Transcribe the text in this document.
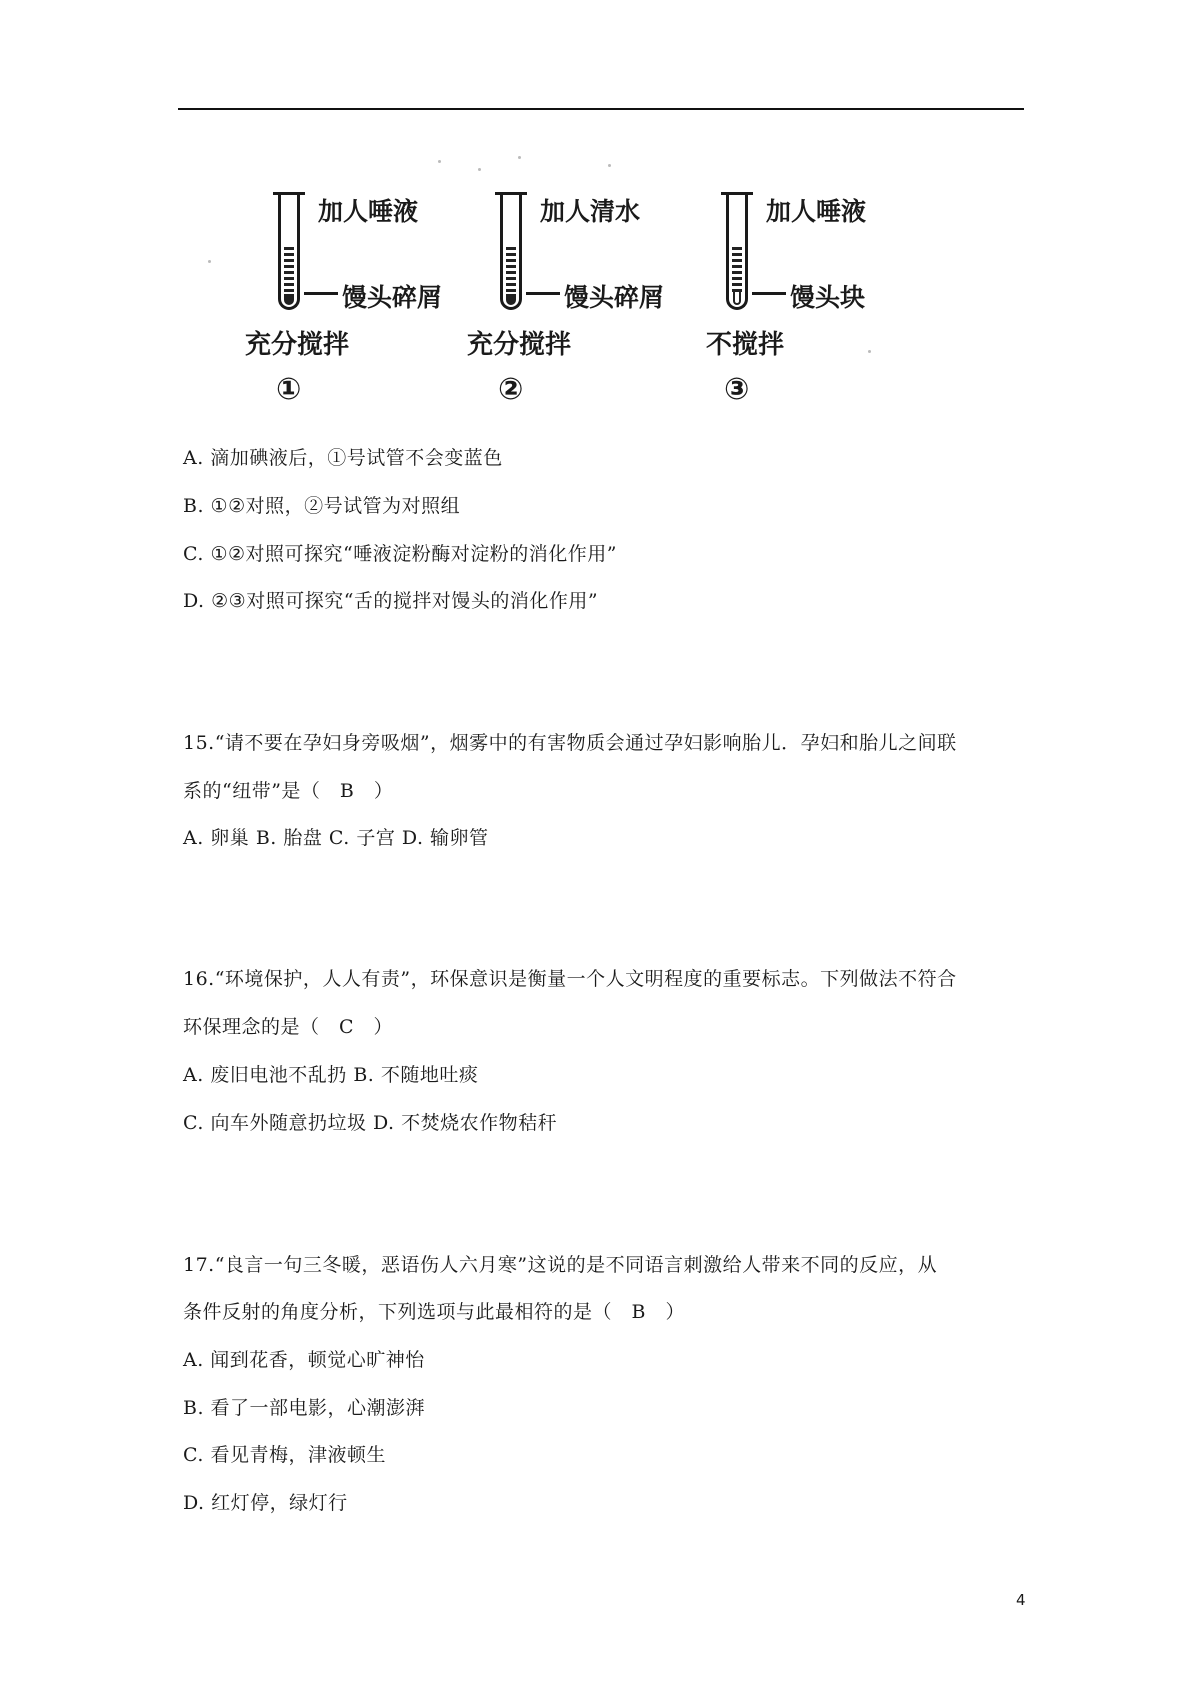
加人唾液
馒头碎屑
充分搅拌
①
加人清水
馒头碎屑
充分搅拌
②
加人唾液
馒头块
不搅拌
③
A. 滴加碘液后，①号试管不会变蓝色
B. ①②对照，②号试管为对照组
C. ①②对照可探究“唾液淀粉酶对淀粉的消化作用”
D. ②③对照可探究“舌的搅拌对馒头的消化作用”
15.“请不要在孕妇身旁吸烟”，烟雾中的有害物质会通过孕妇影响胎儿．孕妇和胎儿之间联
系的“纽带”是（　B　）
A. 卵巢 B. 胎盘 C. 子宫 D. 输卵管
16.“环境保护，人人有责”，环保意识是衡量一个人文明程度的重要标志。下列做法不符合
环保理念的是（　C　）
A. 废旧电池不乱扔 B. 不随地吐痰
C. 向车外随意扔垃圾 D. 不焚烧农作物秸秆
17.“良言一句三冬暖，恶语伤人六月寒”这说的是不同语言刺激给人带来不同的反应，从
条件反射的角度分析，下列选项与此最相符的是（　B　）
A. 闻到花香，顿觉心旷神怡
B. 看了一部电影，心潮澎湃
C. 看见青梅，津液顿生
D. 红灯停，绿灯行
4
